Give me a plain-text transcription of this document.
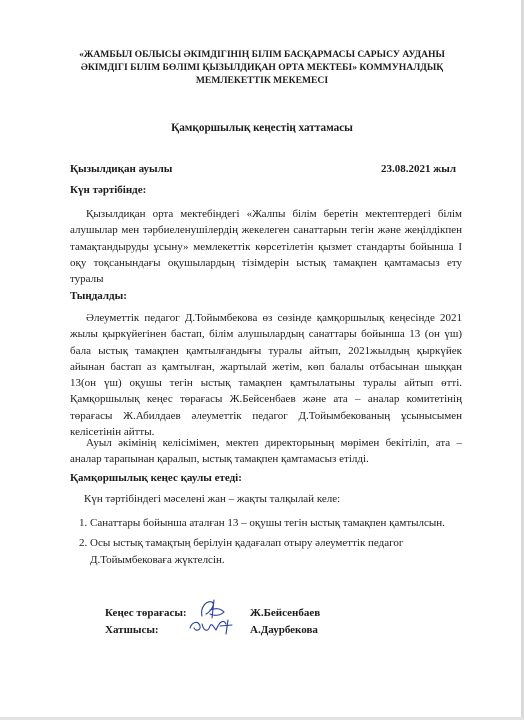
«ЖАМБЫЛ ОБЛЫСЫ ӘКІМДІГІНІҢ БІЛІМ БАСҚАРМАСЫ САРЫСУ АУДАНЫ
ӘКІМДІГІ БІЛІМ БӨЛІМІ ҚЫЗЫЛДИҚАН ОРТА МЕКТЕБІ» КОММУНАЛДЫҚ
МЕМЛЕКЕТТІК МЕКЕМЕСІ
Қамқоршылық кеңестің хаттамасы
Қызылдиқан ауылы	23.08.2021 жыл
Күн тәртібінде:
Қызылдиқан орта мектебіндегі «Жалпы білім беретін мектептердегі білім алушылар мен тәрбиеленушілердің жекелеген санаттарын тегін және жеңілдікпен тамақтандыруды ұсыну» мемлекеттік көрсетілетін қызмет стандарты бойынша І оқу тоқсанындағы оқушылардың тізімдерін ыстық тамақпен қамтамасыз ету туралы
Тыңдалды:
Әлеуметтік педагог Д.Тойымбекова өз сөзінде қамқоршылық кеңесінде 2021 жылы қыркүйегінен бастап, білім алушылардың санаттары бойынша 13 (он үш) бала ыстық тамақпен қамтылғандығы туралы айтып, 2021жылдың қыркүйек айынан бастап аз қамтылған, жартылай жетім, көп балалы отбасынан шыққан 13(он үш) оқушы тегін ыстық тамақпен қамтылатыны туралы айтып өтті. Қамқоршылық кеңес төрағасы Ж.Бейсенбаев және ата – аналар комитетінің төрағасы Ж.Абилдаев әлеуметтік педагог Д.Тойымбекованың ұсынысымен келісетінін айтты.
Ауыл әкімінің келісімімен, мектеп директорының мөрімен бекітіліп, ата – аналар тарапынан қаралып, ыстық тамақпен қамтамасыз етілді.
Қамқоршылық кеңес қаулы етеді:
Күн тәртібіндегі мәселені жан – жақты талқылай келе:
1. Санаттары бойынша аталған 13 – оқушы тегін ыстық тамақпен қамтылсын.
2. Осы ыстық тамақтың берілуін қадағалап отыру әлеуметтік педагог Д.Тойымбековаға жүктелсін.
Кеңес төрағасы:	Ж.Бейсенбаев
Хатшысы:	А.Даурбекова
